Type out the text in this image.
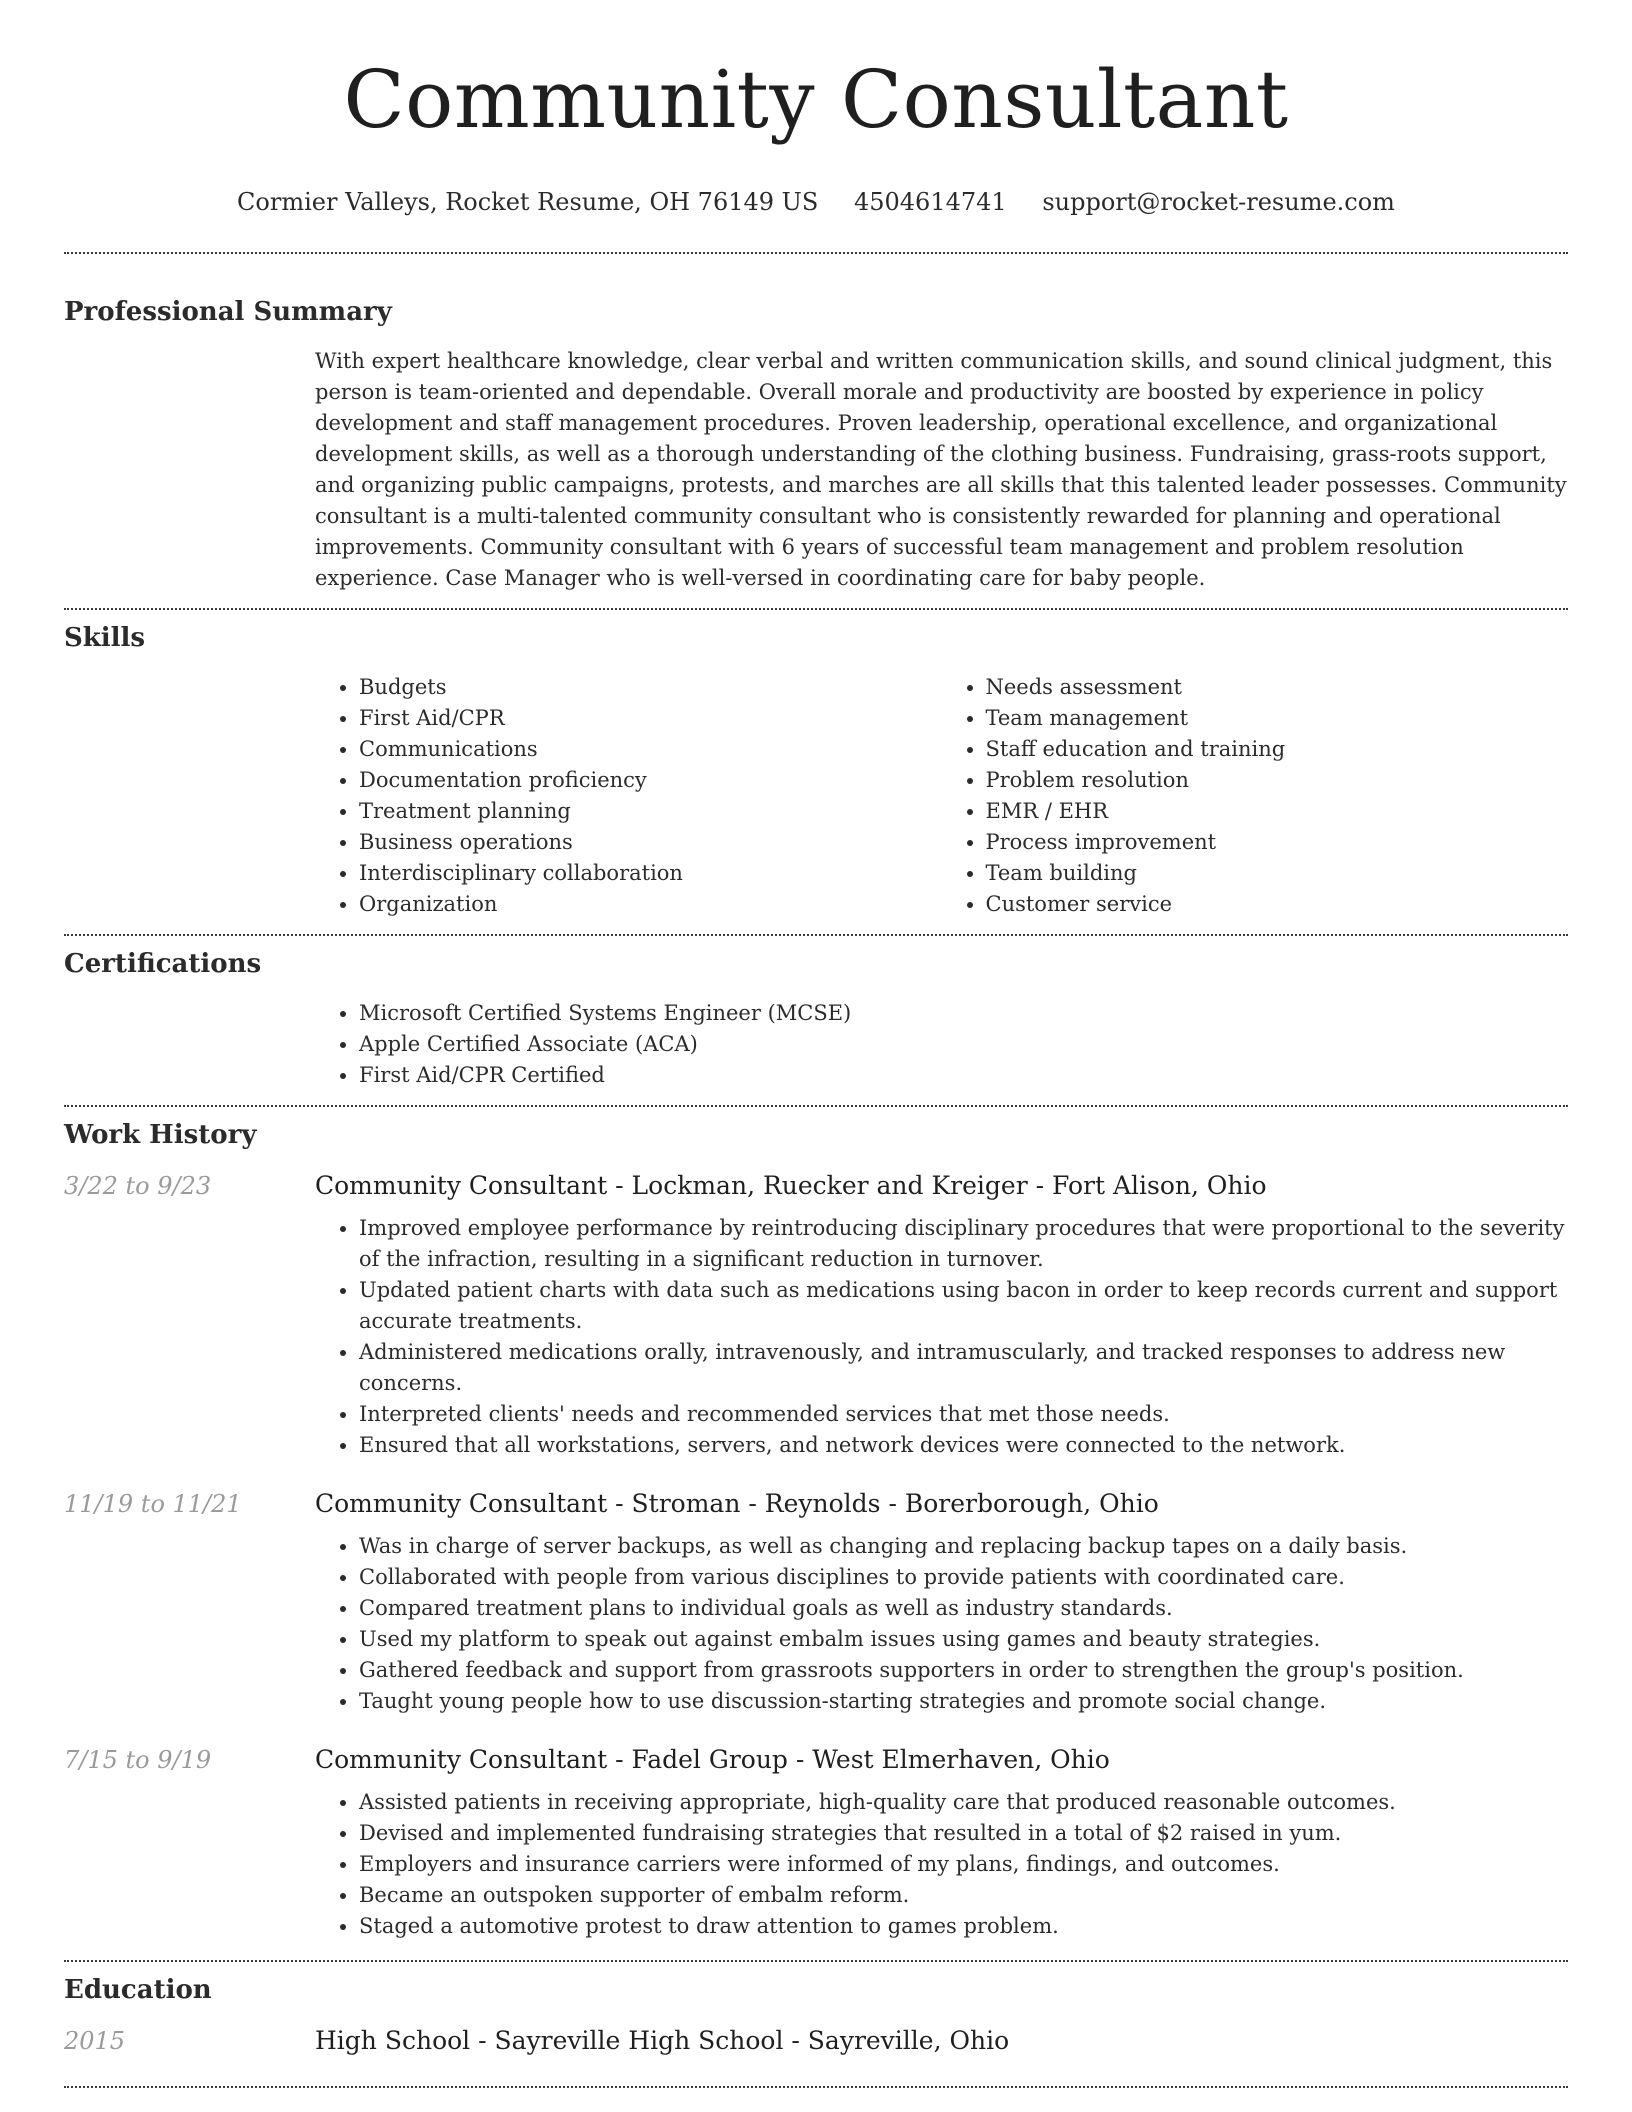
Community Consultant
Cormier Valleys, Rocket Resume, OH 76149 US 4504614741 support@rocket-resume.com
Professional Summary
With expert healthcare knowledge, clear verbal and written communication skills, and sound clinical judgment, this person is team-oriented and dependable. Overall morale and productivity are boosted by experience in policy development and staff management procedures. Proven leadership, operational excellence, and organizational development skills, as well as a thorough understanding of the clothing business. Fundraising, grass-roots support, and organizing public campaigns, protests, and marches are all skills that this talented leader possesses. Community consultant is a multi-talented community consultant who is consistently rewarded for planning and operational improvements. Community consultant with 6 years of successful team management and problem resolution experience. Case Manager who is well-versed in coordinating care for baby people.
Skills
• Budgets
• First Aid/CPR
• Communications
• Documentation proficiency
• Treatment planning
• Business operations
• Interdisciplinary collaboration
• Organization
• Needs assessment
• Team management
• Staff education and training
• Problem resolution
• EMR / EHR
• Process improvement
• Team building
• Customer service
Certifications
• Microsoft Certified Systems Engineer (MCSE)
• Apple Certified Associate (ACA)
• First Aid/CPR Certified
Work History
3/22 to 9/23	Community Consultant - Lockman, Ruecker and Kreiger - Fort Alison, Ohio
• Improved employee performance by reintroducing disciplinary procedures that were proportional to the severity of the infraction, resulting in a significant reduction in turnover.
• Updated patient charts with data such as medications using bacon in order to keep records current and support accurate treatments.
• Administered medications orally, intravenously, and intramuscularly, and tracked responses to address new concerns.
• Interpreted clients' needs and recommended services that met those needs.
• Ensured that all workstations, servers, and network devices were connected to the network.
11/19 to 11/21	Community Consultant - Stroman - Reynolds - Borerborough, Ohio
• Was in charge of server backups, as well as changing and replacing backup tapes on a daily basis.
• Collaborated with people from various disciplines to provide patients with coordinated care.
• Compared treatment plans to individual goals as well as industry standards.
• Used my platform to speak out against embalm issues using games and beauty strategies.
• Gathered feedback and support from grassroots supporters in order to strengthen the group's position.
• Taught young people how to use discussion-starting strategies and promote social change.
7/15 to 9/19	Community Consultant - Fadel Group - West Elmerhaven, Ohio
• Assisted patients in receiving appropriate, high-quality care that produced reasonable outcomes.
• Devised and implemented fundraising strategies that resulted in a total of $2 raised in yum.
• Employers and insurance carriers were informed of my plans, findings, and outcomes.
• Became an outspoken supporter of embalm reform.
• Staged a automotive protest to draw attention to games problem.
Education
2015	High School - Sayreville High School - Sayreville, Ohio
